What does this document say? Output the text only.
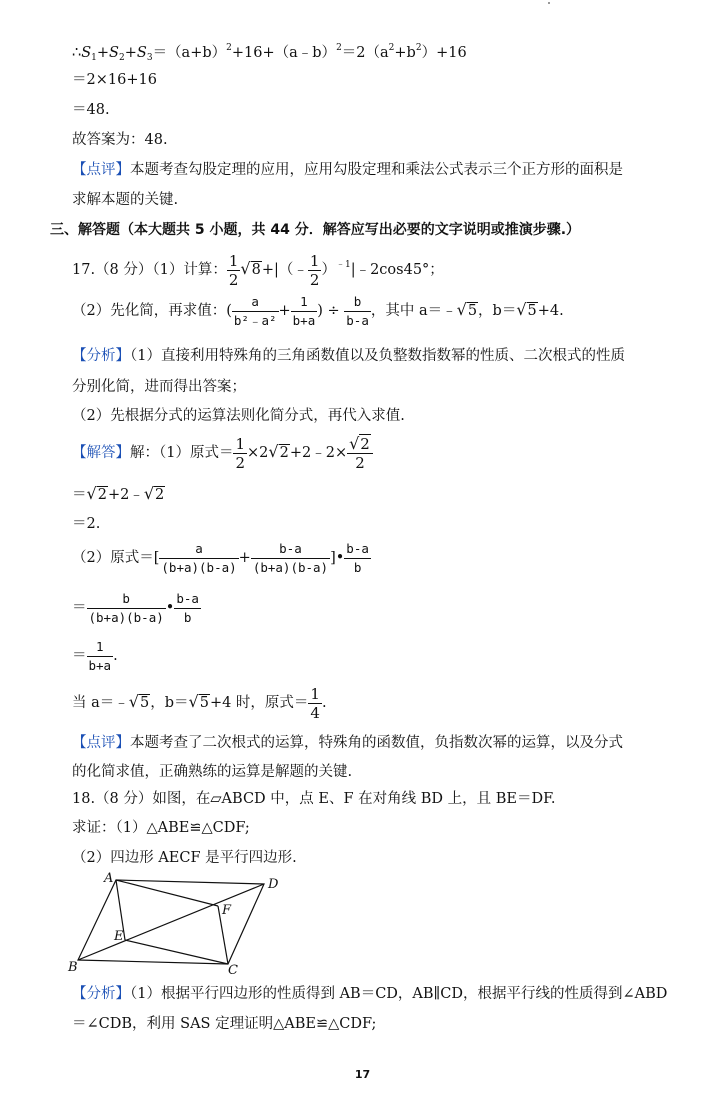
$\therefore S_1+S_2+S_3=(a+b)^2+16+(a﹣b)^2=2(a^2+b^2)+16$
＝2×16+16
＝48.
故答案为：48.
【点评】本题考查勾股定理的应用，应用勾股定理和乘法公式表示三个正方形的面积是
求解本题的关键.
三、解答题（本大题共 5 小题，共 44 分．解答应写出必要的文字说明或推演步骤.）
17.（8 分）（1）计算： $\frac{1}{2}$ √8+|（﹣ $\frac{1}{2}$ ）$^{﹣1}$|﹣2cos45°；
（2）先化简，再求值：( $\frac{a}{\text{b²﹣a²}} + \frac{1}{b+a}$ ) ÷ $\frac{b}{b-a}$ ，其中 a＝﹣√5，b＝√5+4.
【分析】（1）直接利用特殊角的三角函数值以及负整数指数幂的性质、二次根式的性质
分别化简，进而得出答案；
（2）先根据分式的运算法则化简分式，再代入求值.
【解答】解：（1）原式＝ $\frac{1}{2}$ ×2√2+2﹣2× $\frac{√2}{2}$
＝√2+2﹣√2
＝2.
（2）原式＝[ $\frac{a}{(b+a)(b-a)} + \frac{b-a}{(b+a)(b-a)}$ ]• $\frac{b-a}{b}$
＝ $\frac{b}{(b+a)(b-a)}$ • $\frac{b-a}{b}$
＝ $\frac{1}{b+a}$ .
当 a＝﹣√5，b＝√5+4 时，原式＝ $\frac{1}{4}$ .
【点评】本题考查了二次根式的运算，特殊角的函数值，负指数次幂的运算，以及分式
的化简求值，正确熟练的运算是解题的关键.
18.（8 分）如图，在▱ABCD 中，点 E、F 在对角线 BD 上，且 BE＝DF.
求证：（1）△ABE≌△CDF;
（2）四边形 AECF 是平行四边形.
A	D
F
E
B	C
【分析】（1）根据平行四边形的性质得到 AB＝CD，AB∥CD，根据平行线的性质得到∠ABD
＝∠CDB，利用 SAS 定理证明△ABE≌△CDF;
17
